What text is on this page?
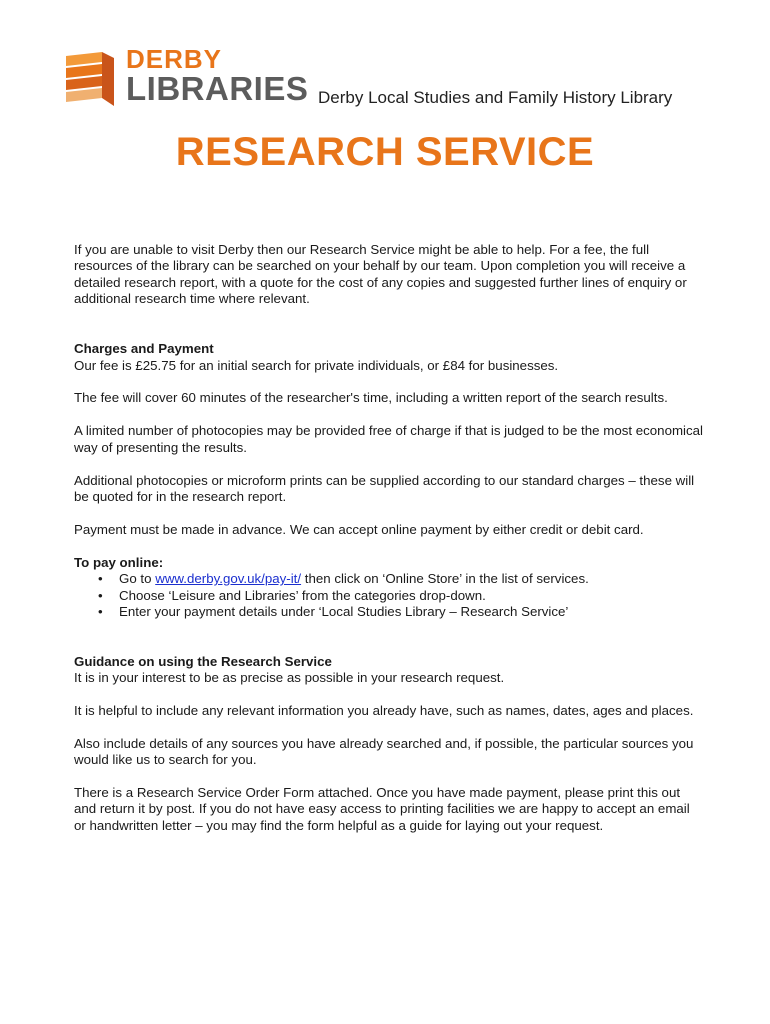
DERBY
LIBRARIES Derby Local Studies and Family History Library
RESEARCH SERVICE

If you are unable to visit Derby then our Research Service might be able to help. For a fee, the full resources of the library can be searched on your behalf by our team. Upon completion you will receive a detailed research report, with a quote for the cost of any copies and suggested further lines of enquiry or additional research time where relevant.

Charges and Payment

Our fee is £25.75 for an initial search for private individuals, or £84 for businesses.

The fee will cover 60 minutes of the researcher's time, including a written report of the search results.

A limited number of photocopies may be provided free of charge if that is judged to be the most economical way of presenting the results.

Additional photocopies or microform prints can be supplied according to our standard charges – these will be quoted for in the research report.

Payment must be made in advance. We can accept online payment by either credit or debit card.

To pay online:
• Go to www.derby.gov.uk/pay-it/ then click on ‘Online Store’ in the list of services.
• Choose ‘Leisure and Libraries’ from the categories drop-down.
• Enter your payment details under ‘Local Studies Library – Research Service’
Guidance on using the Research Service

It is in your interest to be as precise as possible in your research request.

It is helpful to include any relevant information you already have, such as names, dates, ages and places.

Also include details of any sources you have already searched and, if possible, the particular sources you would like us to search for you.

There is a Research Service Order Form attached. Once you have made payment, please print this out and return it by post. If you do not have easy access to printing facilities we are happy to accept an email or handwritten letter – you may find the form helpful as a guide for laying out your request.
